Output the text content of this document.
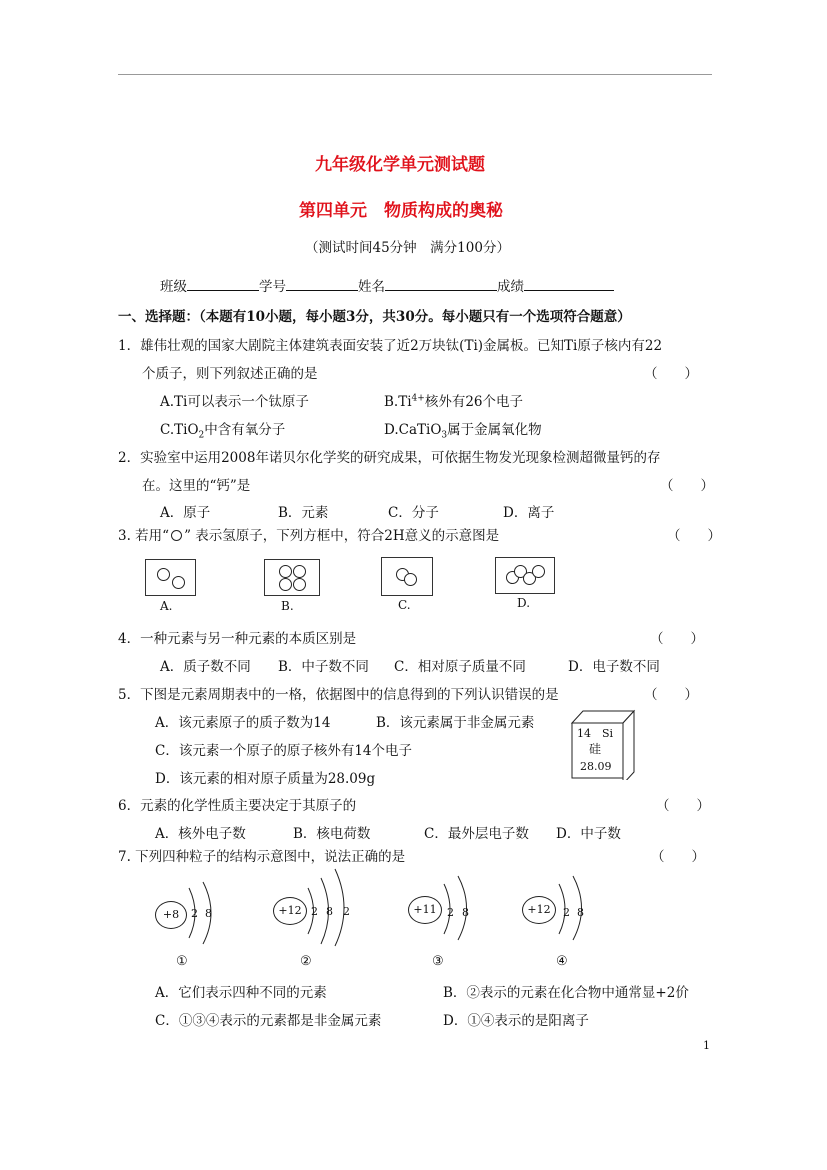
九年级化学单元测试题
第四单元　物质构成的奥秘
（测试时间45分钟　满分100分）
班级	学号	姓名	成绩
一、选择题：（本题有10小题，每小题3分，共30分。每小题只有一个选项符合题意）
1．雄伟壮观的国家大剧院主体建筑表面安装了近2万块钛(Ti)金属板。已知Ti原子核内有22
个质子，则下列叙述正确的是	（　　）
A.Ti可以表示一个钛原子	$B.Ti^{4+}$核外有26个电子
C.TiO$_2$中含有氧分子	D.CaTiO$_3$属于金属氧化物
2．实验室中运用2008年诺贝尔化学奖的研究成果，可依据生物发光现象检测超微量钙的存
在。这里的“钙”是	（　　）
A．原子	B．元素	C．分子	D．离子
3. 若用“ ” 表示氢原子，下列方框中，符合2H意义的示意图是	（　　）
A.	B.	C.	D.
4．一种元素与另一种元素的本质区别是	（　　）
A．质子数不同 B．中子数不同 C．相对原子质量不同	D．电子数不同
5．下图是元素周期表中的一格，依据图中的信息得到的下列认识错误的是	（　　）
A．该元素原子的质子数为14	B．该元素属于非金属元素
C．该元素一个原子的原子核外有14个电子
D．该元素的相对原子质量为28.09g
14 Si
硅
28.09
6．元素的化学性质主要决定于其原子的	（　　）
A．核外电子数	B．核电荷数	C．最外层电子数 D．中子数
7. 下列四种粒子的结构示意图中，说法正确的是	（　　）
+8	2 8
①
+12 2 8 2
②
+11 2 8
③
+12	2 8
④
A．它们表示四种不同的元素	B．②表示的元素在化合物中通常显+2价
C．①③④表示的元素都是非金属元素	D．①④表示的是阳离子
1
